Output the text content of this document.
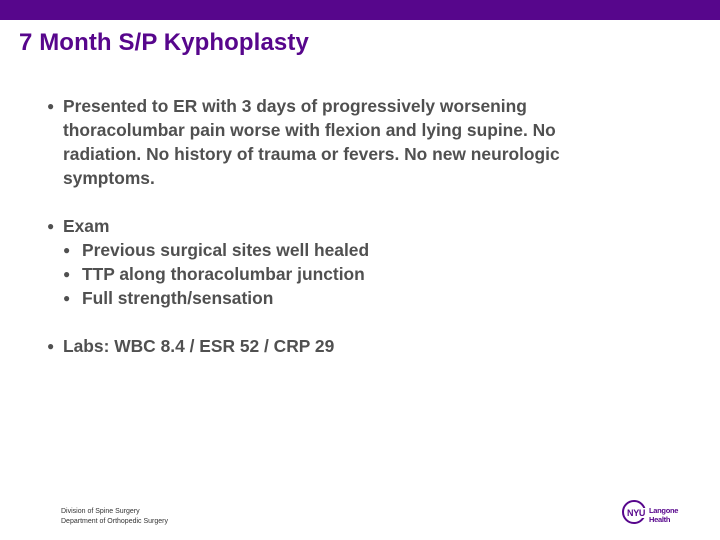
7 Month S/P Kyphoplasty
● Presented to ER with 3 days of progressively worsening thoracolumbar pain worse with flexion and lying supine. No radiation. No history of trauma or fevers. No new neurologic symptoms.
● Exam
● Previous surgical sites well healed
● TTP along thoracolumbar junction
● Full strength/sensation
● Labs: WBC 8.4 / ESR 52 / CRP 29
Division of Spine Surgery
Department of Orthopedic Surgery
NYU Langone
Health
